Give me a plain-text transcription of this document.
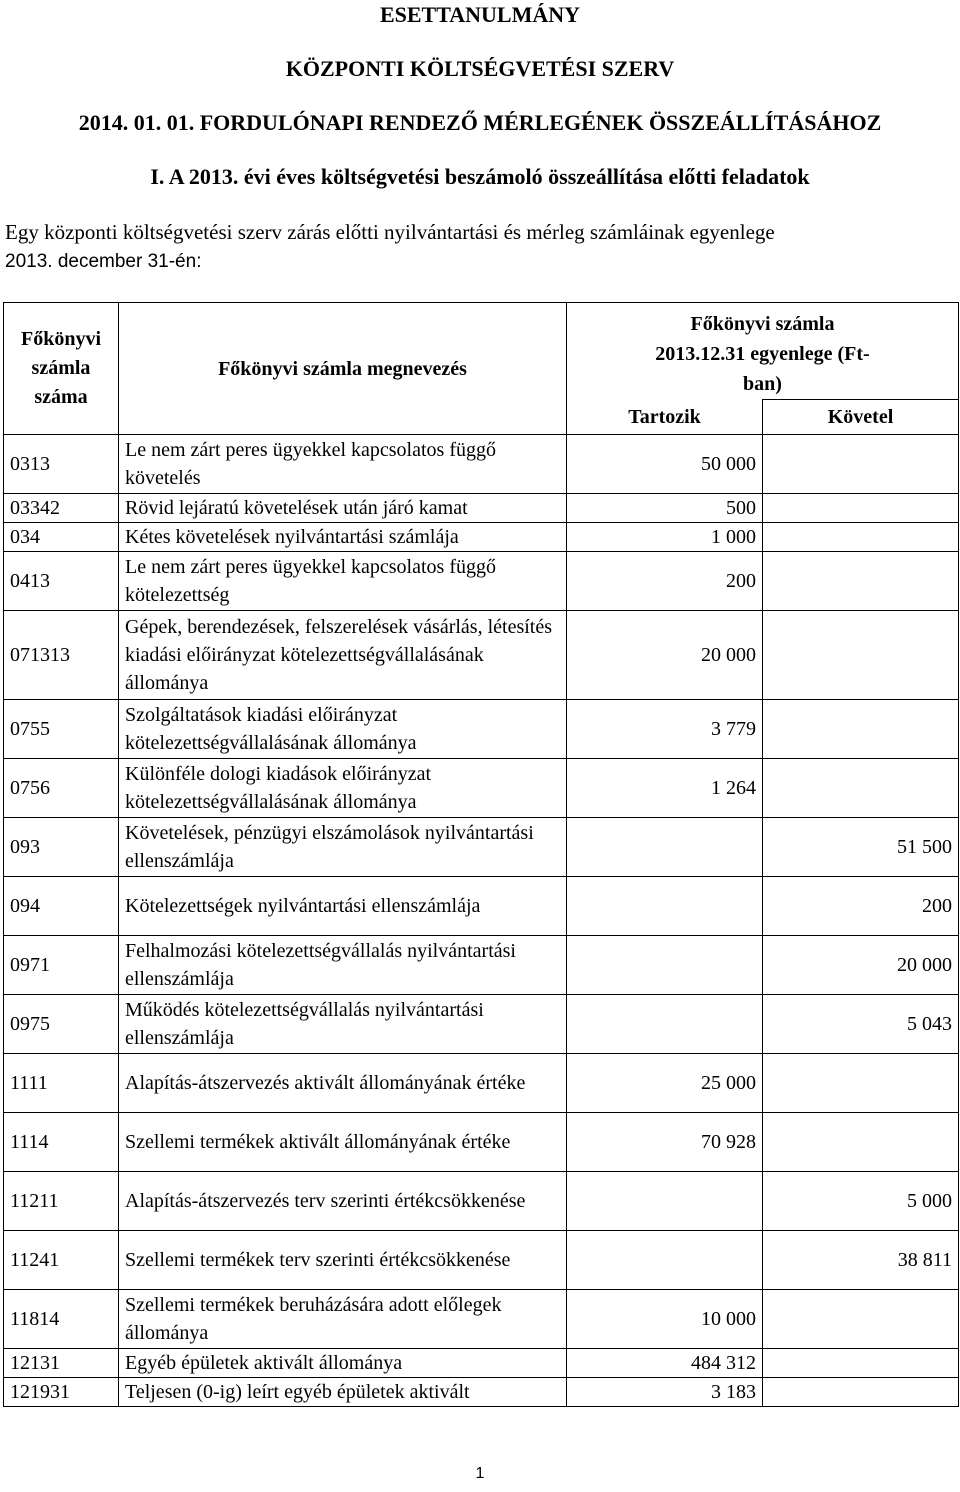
ESETTANULMÁNY
KÖZPONTI KÖLTSÉGVETÉSI SZERV
2014. 01. 01. FORDULÓNAPI RENDEZŐ MÉRLEGÉNEK ÖSSZEÁLLÍTÁSÁHOZ
I. A 2013. évi éves költségvetési beszámoló összeállítása előtti feladatok
Egy központi költségvetési szerv zárás előtti nyilvántartási és mérleg számláinak egyenlege
2013. december 31-én:
Főkönyvi számla száma	Főkönyvi számla megnevezés	Főkönyvi számla 2013.12.31 egyenlege (Ft-ban)	
		Tartozik	Követel
0313	Le nem zárt peres ügyekkel kapcsolatos függő követelés	50 000	
03342	Rövid lejáratú követelések után járó kamat	500	
034	Kétes követelések nyilvántartási számlája	1 000	
0413	Le nem zárt peres ügyekkel kapcsolatos függő kötelezettség	200	
071313	Gépek, berendezések, felszerelések vásárlás, létesítés kiadási előirányzat kötelezettségvállalásának állománya	20 000	
0755	Szolgáltatások kiadási előirányzat kötelezettségvállalásának állománya	3 779	
0756	Különféle dologi kiadások előirányzat kötelezettségvállalásának állománya	1 264	
093	Követelések, pénzügyi elszámolások nyilvántartási ellenszámlája		51 500
094	Kötelezettségek nyilvántartási ellenszámlája		200
0971	Felhalmozási kötelezettségvállalás nyilvántartási ellenszámlája		20 000
0975	Működés kötelezettségvállalás nyilvántartási ellenszámlája		5 043
1111	Alapítás-átszervezés aktivált állományának értéke	25 000	
1114	Szellemi termékek aktivált állományának értéke	70 928	
11211	Alapítás-átszervezés terv szerinti értékcsökkenése		5 000
11241	Szellemi termékek terv szerinti értékcsökkenése		38 811
11814	Szellemi termékek beruházására adott előlegek állománya	10 000	
12131	Egyéb épületek aktivált állománya	484 312	
121931	Teljesen (0-ig) leírt egyéb épületek aktivált	3 183	
1
